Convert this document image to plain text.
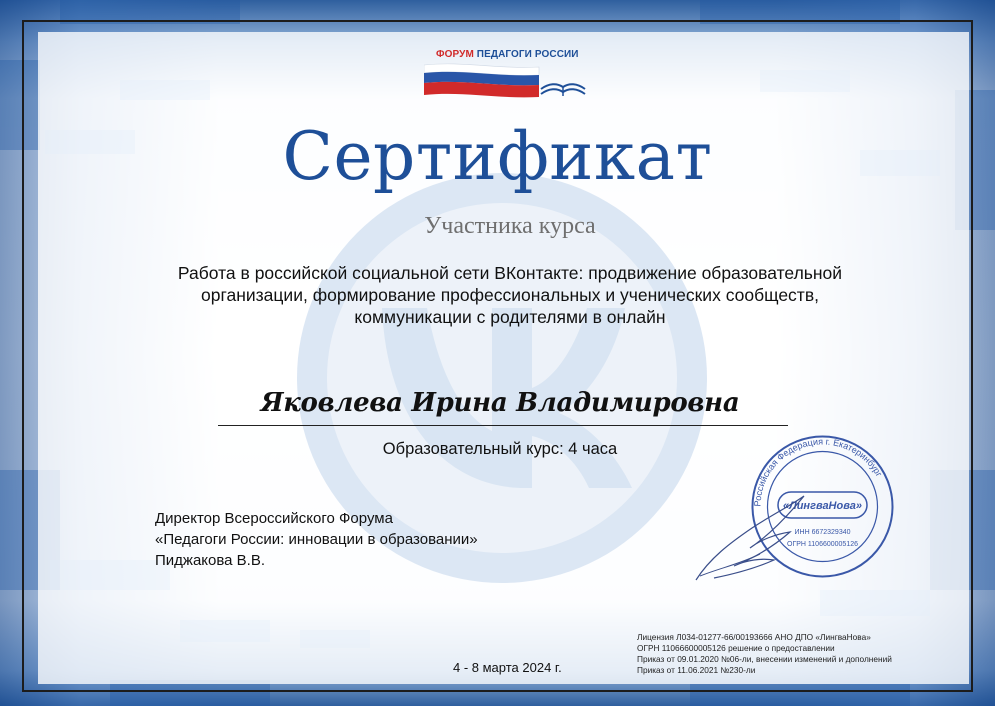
ФОРУМ ПЕДАГОГИ РОССИИ
Сертификат
Участника курса
Работа в российской социальной сети ВКонтакте: продвижение образовательной
организации, формирование профессиональных и ученических сообществ,
коммуникации с родителями в онлайн
Яковлева Ирина Владимировна
Образовательный курс: 4 часа
Директор Всероссийского Форума
«Педагоги России: инновации в образовании»
Пиджакова В.В.
Российская Федерация г. Екатеринбург
«ЛингваНова»
ИНН 6672329340
ОГРН 1106600005126
4 - 8 марта 2024 г.
Лицензия Л034-01277-66/00193666 АНО ДПО «ЛингваНова»
ОГРН 11066600005126 решение о предоставлении
Приказ от 09.01.2020 №06-ли, внесении изменений и дополнений
Приказ от 11.06.2021 №230-ли
